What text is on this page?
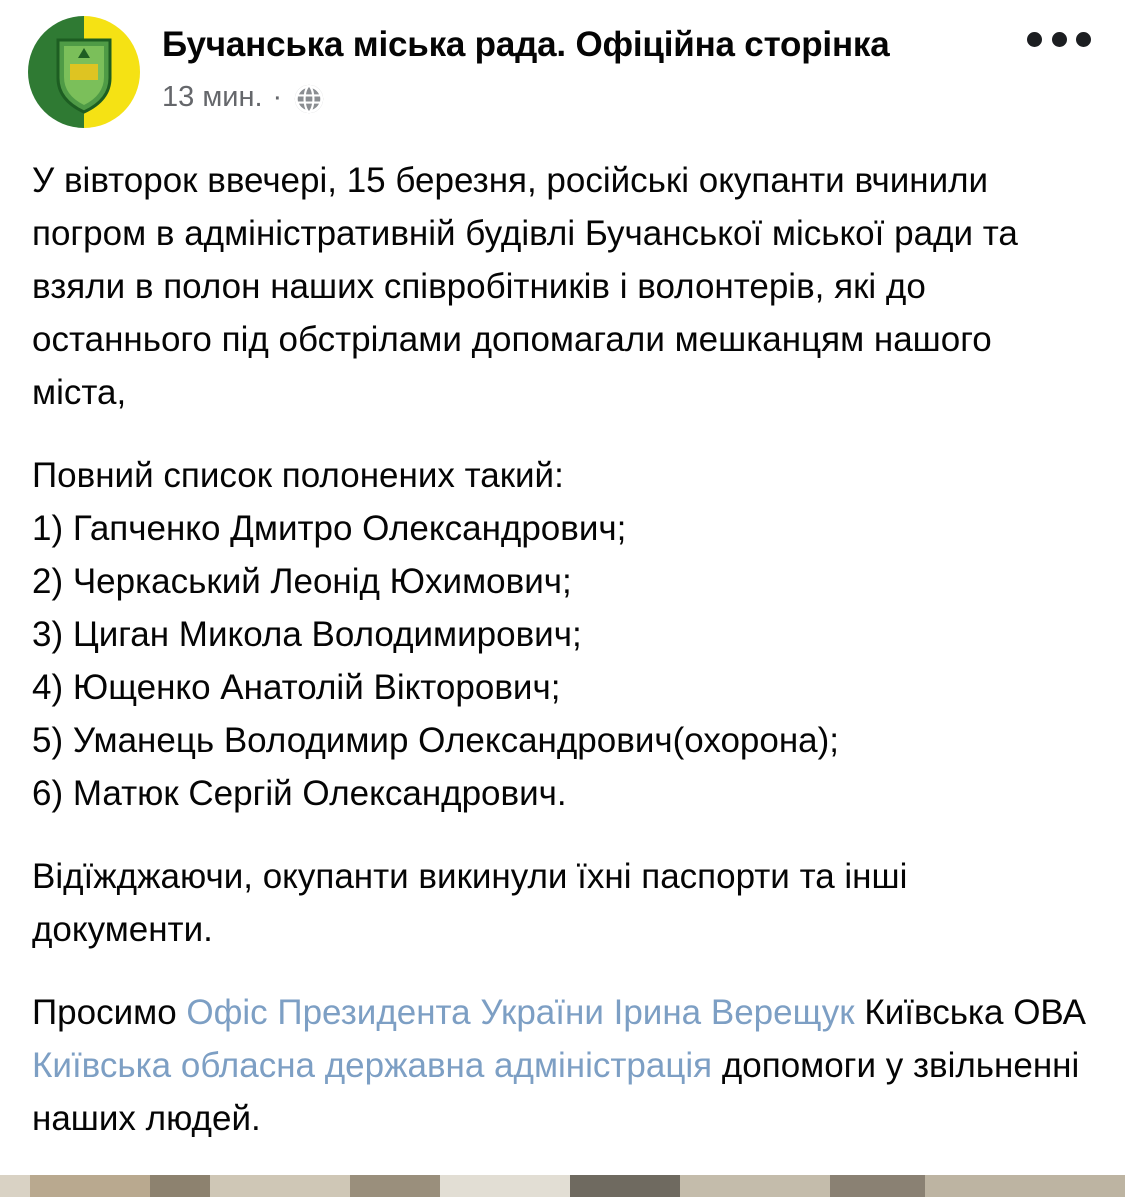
Бучанська міська рада. Офіційна сторінка
13 мин. ·

У вівторок ввечері, 15 березня, російські окупанти вчинили погром в адміністративній будівлі Бучанської міської ради та взяли в полон наших співробітників і волонтерів, які до останнього під обстрілами допомагали мешканцям нашого міста,

Повний список полонених такий:

1) Гапченко Дмитро Олександрович;

2) Черкаський Леонід Юхимович;

3) Циган Микола Володимирович;

4) Ющенко Анатолій Вікторович;

5) Уманець Володимир Олександрович(охорона);

6) Матюк Сергій Олександрович.

Відїжджаючи, окупанти викинули їхні паспорти та інші документи.

Просимо Офіс Президента України Ірина Верещук Київська ОВА Київська обласна державна адміністрація допомоги у звільненні наших людей.
